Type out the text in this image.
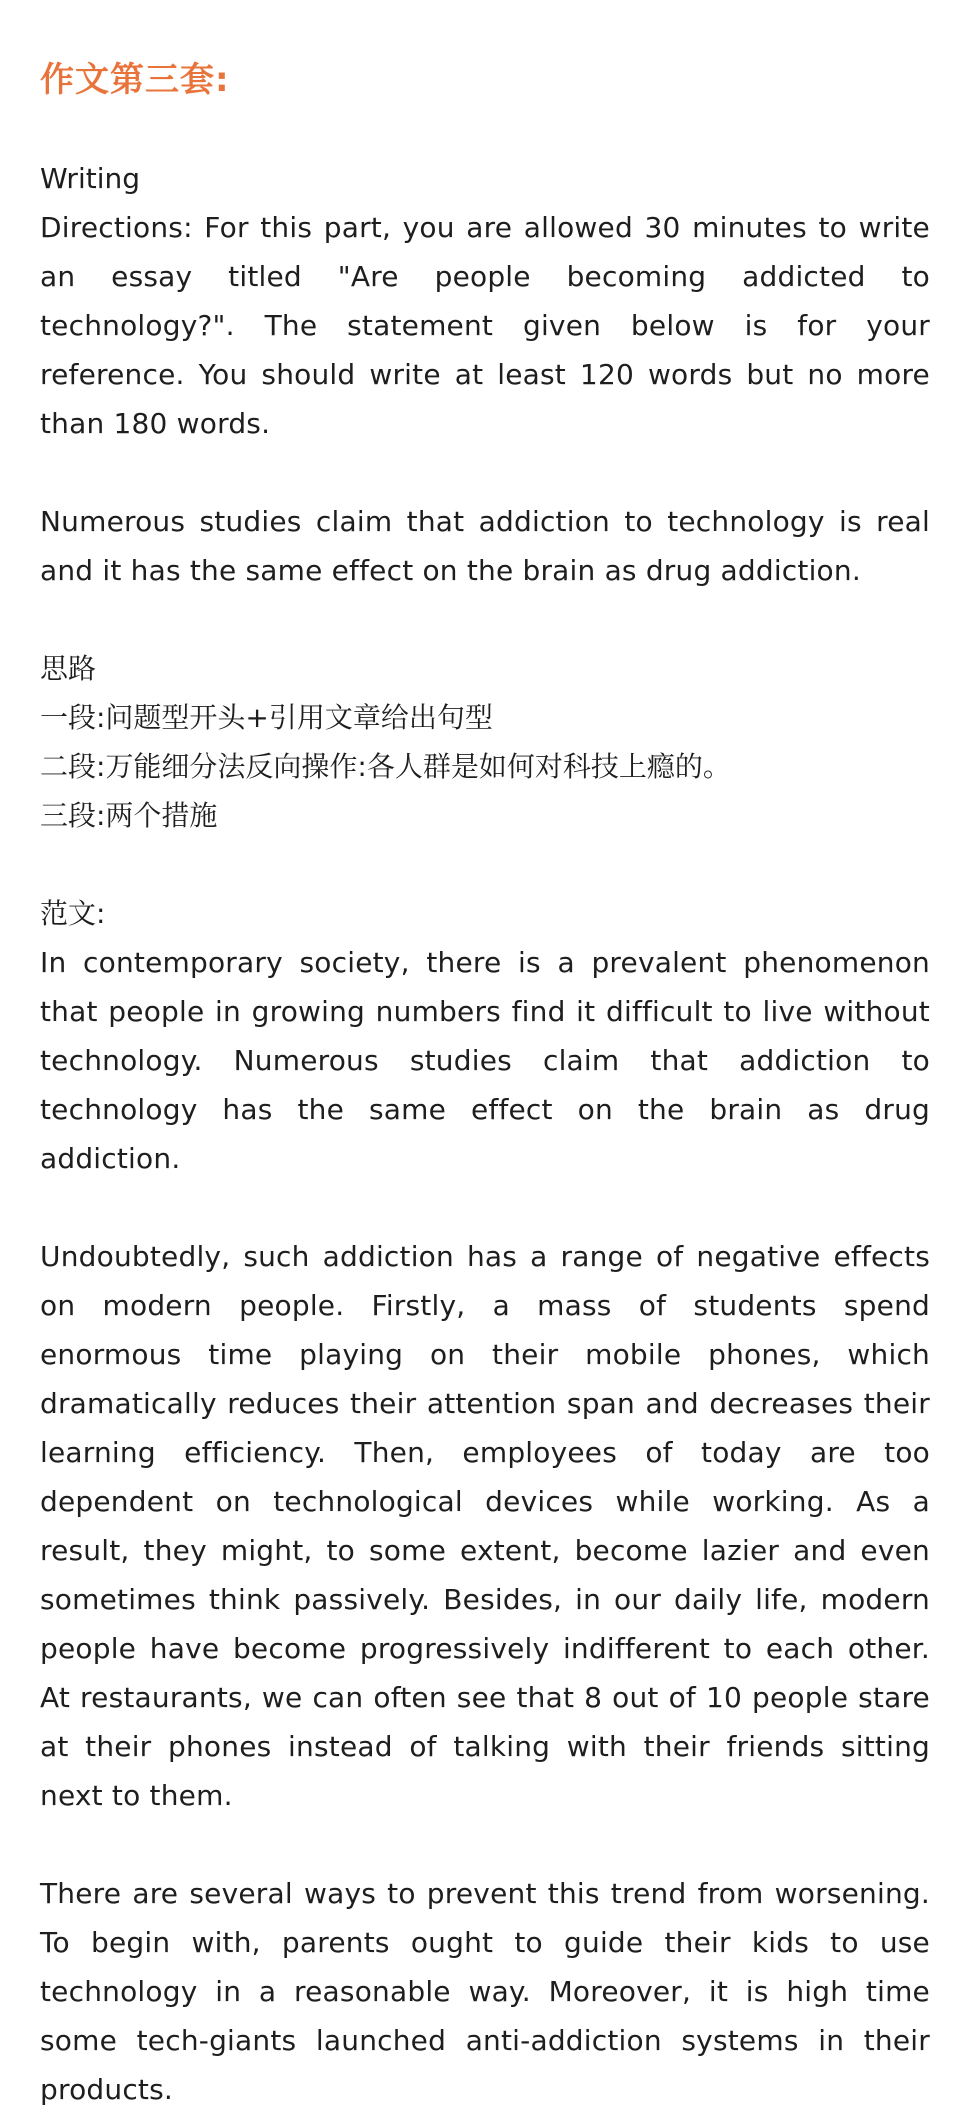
作文第三套:
Writing

Directions: For this part, you are allowed 30 minutes to write an essay titled "Are people becoming addicted to technology?". The statement given below is for your reference. You should write at least 120 words but no more than 180 words.

Numerous studies claim that addiction to technology is real and it has the same effect on the brain as drug addiction.

思路
一段:问题型开头+引用文章给出句型
二段:万能细分法反向操作:各人群是如何对科技上瘾的。
三段:两个措施
范文:

In contemporary society, there is a prevalent phenomenon that people in growing numbers find it difficult to live without technology. Numerous studies claim that addiction to technology has the same effect on the brain as drug addiction.

Undoubtedly, such addiction has a range of negative effects on modern people. Firstly, a mass of students spend enormous time playing on their mobile phones, which dramatically reduces their attention span and decreases their learning efficiency. Then, employees of today are too dependent on technological devices while working. As a result, they might, to some extent, become lazier and even sometimes think passively. Besides, in our daily life, modern people have become progressively indifferent to each other. At restaurants, we can often see that 8 out of 10 people stare at their phones instead of talking with their friends sitting next to them.

There are several ways to prevent this trend from worsening. To begin with, parents ought to guide their kids to use technology in a reasonable way. Moreover, it is high time some tech-giants launched anti-addiction systems in their products.
